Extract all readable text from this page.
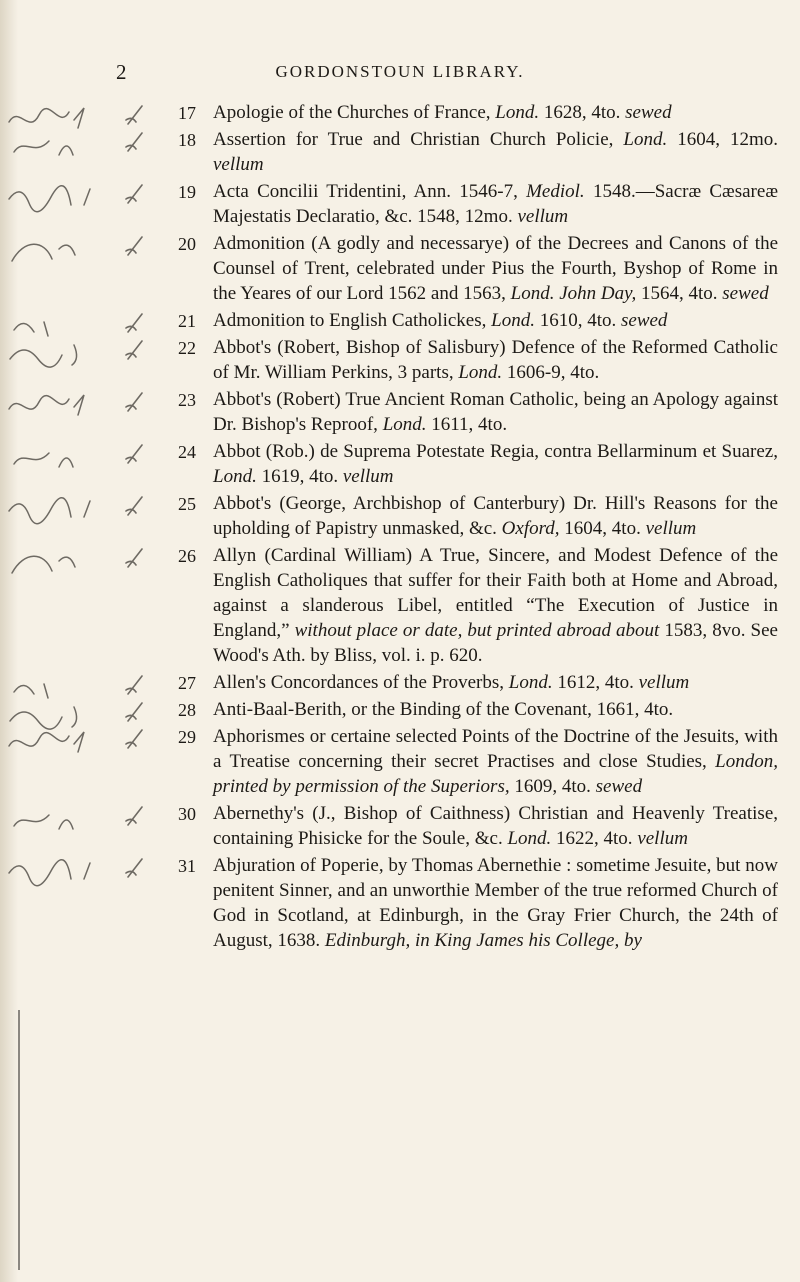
2	GORDONSTOUN LIBRARY.
17 Apologie of the Churches of France, Lond. 1628, 4to. sewed
18 Assertion for True and Christian Church Policie, Lond. 1604, 12mo. vellum
19 Acta Concilii Tridentini, Ann. 1546-7, Mediol. 1548.—Sacræ Cæsareæ Majestatis Declaratio, &c. 1548, 12mo. vellum
20 Admonition (A godly and necessarye) of the Decrees and Canons of the Counsel of Trent, celebrated under Pius the Fourth, Byshop of Rome in the Yeares of our Lord 1562 and 1563, Lond. John Day, 1564, 4to. sewed
21 Admonition to English Catholickes, Lond. 1610, 4to. sewed
22 Abbot's (Robert, Bishop of Salisbury) Defence of the Reformed Catholic of Mr. William Perkins, 3 parts, Lond. 1606-9, 4to.
23 Abbot's (Robert) True Ancient Roman Catholic, being an Apology against Dr. Bishop's Reproof, Lond. 1611, 4to.
24 Abbot (Rob.) de Suprema Potestate Regia, contra Bellarminum et Suarez, Lond. 1619, 4to. vellum
25 Abbot's (George, Archbishop of Canterbury) Dr. Hill's Reasons for the upholding of Papistry unmasked, &c. Oxford, 1604, 4to. vellum
26 Allyn (Cardinal William) A True, Sincere, and Modest Defence of the English Catholiques that suffer for their Faith both at Home and Abroad, against a slanderous Libel, entitled “The Execution of Justice in England,” without place or date, but printed abroad about 1583, 8vo. See Wood's Ath. by Bliss, vol. i. p. 620.
27 Allen's Concordances of the Proverbs, Lond. 1612, 4to. vellum
28 Anti-Baal-Berith, or the Binding of the Covenant, 1661, 4to.
29 Aphorismes or certaine selected Points of the Doctrine of the Jesuits, with a Treatise concerning their secret Practises and close Studies, London, printed by permission of the Superiors, 1609, 4to. sewed
30 Abernethy's (J., Bishop of Caithness) Christian and Heavenly Treatise, containing Phisicke for the Soule, &c. Lond. 1622, 4to. vellum
31 Abjuration of Poperie, by Thomas Abernethie : sometime Jesuite, but now penitent Sinner, and an unworthie Member of the true reformed Church of God in Scotland, at Edinburgh, in the Gray Frier Church, the 24th of August, 1638. Edinburgh, in King James his College, by
